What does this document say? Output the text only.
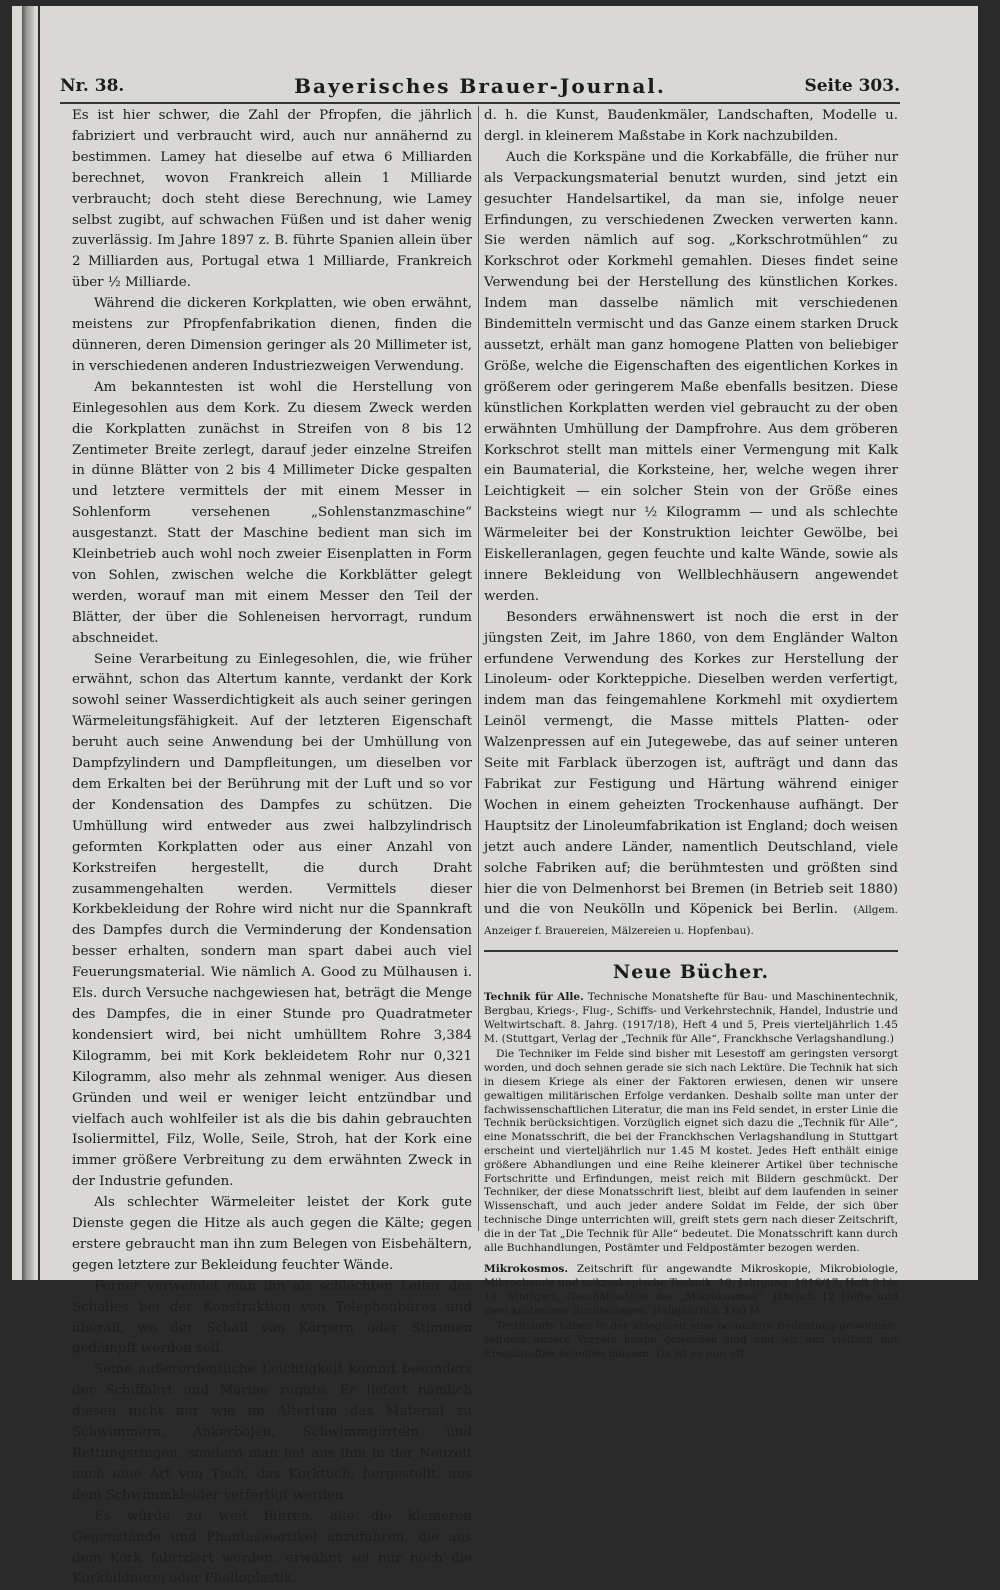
Nr. 38.	Bayerisches Brauer-Journal.	Seite 303.

Es ist hier schwer, die Zahl der Pfropfen, die jährlich fabriziert und verbraucht wird, auch nur annähernd zu bestimmen. Lamey hat dieselbe auf etwa 6 Milliarden berechnet, wovon Frankreich allein 1 Milliarde verbraucht; doch steht diese Berechnung, wie Lamey selbst zugibt, auf schwachen Füßen und ist daher wenig zuverlässig. Im Jahre 1897 z. B. führte Spanien allein über 2 Milliarden aus, Portugal etwa 1 Milliarde, Frankreich über ½ Milliarde.

Während die dickeren Korkplatten, wie oben erwähnt, meistens zur Pfropfenfabrikation dienen, finden die dünneren, deren Dimension geringer als 20 Millimeter ist, in verschiedenen anderen Industriezweigen Verwendung.

Am bekanntesten ist wohl die Herstellung von Einlegesohlen aus dem Kork. Zu diesem Zweck werden die Korkplatten zunächst in Streifen von 8 bis 12 Zentimeter Breite zerlegt, darauf jeder einzelne Streifen in dünne Blätter von 2 bis 4 Millimeter Dicke gespalten und letztere vermittels der mit einem Messer in Sohlenform versehenen „Sohlenstanzmaschine“ ausgestanzt. Statt der Maschine bedient man sich im Kleinbetrieb auch wohl noch zweier Eisenplatten in Form von Sohlen, zwischen welche die Korkblätter gelegt werden, worauf man mit einem Messer den Teil der Blätter, der über die Sohleneisen hervorragt, rundum abschneidet.

Seine Verarbeitung zu Einlegesohlen, die, wie früher erwähnt, schon das Altertum kannte, verdankt der Kork sowohl seiner Wasserdichtigkeit als auch seiner geringen Wärmeleitungsfähigkeit. Auf der letzteren Eigenschaft beruht auch seine Anwendung bei der Umhüllung von Dampfzylindern und Dampfleitungen, um dieselben vor dem Erkalten bei der Berührung mit der Luft und so vor der Kondensation des Dampfes zu schützen. Die Umhüllung wird entweder aus zwei halbzylindrisch geformten Korkplatten oder aus einer Anzahl von Korkstreifen hergestellt, die durch Draht zusammengehalten werden. Vermittels dieser Korkbekleidung der Rohre wird nicht nur die Spannkraft des Dampfes durch die Verminderung der Kondensation besser erhalten, sondern man spart dabei auch viel Feuerungsmaterial. Wie nämlich A. Good zu Mülhausen i. Els. durch Versuche nachgewiesen hat, beträgt die Menge des Dampfes, die in einer Stunde pro Quadratmeter kondensiert wird, bei nicht umhülltem Rohre 3,384 Kilogramm, bei mit Kork bekleidetem Rohr nur 0,321 Kilogramm, also mehr als zehnmal weniger. Aus diesen Gründen und weil er weniger leicht entzündbar und vielfach auch wohlfeiler ist als die bis dahin gebrauchten Isoliermittel, Filz, Wolle, Seile, Stroh, hat der Kork eine immer größere Verbreitung zu dem erwähnten Zweck in der Industrie gefunden.

Als schlechter Wärmeleiter leistet der Kork gute Dienste gegen die Hitze als auch gegen die Kälte; gegen erstere gebraucht man ihn zum Belegen von Eisbehältern, gegen letztere zur Bekleidung feuchter Wände.

Ferner verwendet man ihn als schlechten Leiter des Schalles bei der Konstruktion von Telephonbüros und überall, wo der Schall von Körpern oder Stimmen gedämpft werden soll.

Seine außerordentliche Leichtigkeit kommt besonders der Schiffahrt und Marine zugute. Er liefert nämlich diesen nicht nur wie im Altertum das Material zu Schwimmern, Ankerbojen, Schwimmgürteln und Rettungsringen, sondern man hat aus ihm in der Neuzeit auch eine Art von Tuch, das Korktuch, hergestellt, aus dem Schwimmkleider verfertigt werden.

Es würde zu weit führen, alle die kleineren Gegenstände und Phantasieartikel anzuführen, die aus dem Kork fabriziert werden: erwähnt sei nur noch die Korkbildnerei oder Phelloplastik,

d. h. die Kunst, Baudenkmäler, Landschaften, Modelle u. dergl. in kleinerem Maßstabe in Kork nachzubilden.

Auch die Korkspäne und die Korkabfälle, die früher nur als Verpackungsmaterial benutzt wurden, sind jetzt ein gesuchter Handelsartikel, da man sie, infolge neuer Erfindungen, zu verschiedenen Zwecken verwerten kann. Sie werden nämlich auf sog. „Korkschrotmühlen“ zu Korkschrot oder Korkmehl gemahlen. Dieses findet seine Verwendung bei der Herstellung des künstlichen Korkes. Indem man dasselbe nämlich mit verschiedenen Bindemitteln vermischt und das Ganze einem starken Druck aussetzt, erhält man ganz homogene Platten von beliebiger Größe, welche die Eigenschaften des eigentlichen Korkes in größerem oder geringerem Maße ebenfalls besitzen. Diese künstlichen Korkplatten werden viel gebraucht zu der oben erwähnten Umhüllung der Dampfrohre. Aus dem gröberen Korkschrot stellt man mittels einer Vermengung mit Kalk ein Baumaterial, die Korksteine, her, welche wegen ihrer Leichtigkeit — ein solcher Stein von der Größe eines Backsteins wiegt nur ½ Kilogramm — und als schlechte Wärmeleiter bei der Konstruktion leichter Gewölbe, bei Eiskelleranlagen, gegen feuchte und kalte Wände, sowie als innere Bekleidung von Wellblechhäusern angewendet werden.

Besonders erwähnenswert ist noch die erst in der jüngsten Zeit, im Jahre 1860, von dem Engländer Walton erfundene Verwendung des Korkes zur Herstellung der Linoleum- oder Korkteppiche. Dieselben werden verfertigt, indem man das feingemahlene Korkmehl mit oxydiertem Leinöl vermengt, die Masse mittels Platten- oder Walzenpressen auf ein Jutegewebe, das auf seiner unteren Seite mit Farblack überzogen ist, aufträgt und dann das Fabrikat zur Festigung und Härtung während einiger Wochen in einem geheizten Trockenhause aufhängt. Der Hauptsitz der Linoleumfabrikation ist England; doch weisen jetzt auch andere Länder, namentlich Deutschland, viele solche Fabriken auf; die berühmtesten und größten sind hier die von Delmenhorst bei Bremen (in Betrieb seit 1880) und die von Neukölln und Köpenick bei Berlin. (Allgem. Anzeiger f. Brauereien, Mälzereien u. Hopfenbau).

Neue Bücher.

Technik für Alle. Technische Monatshefte für Bau- und Maschinentechnik, Bergbau, Kriegs-, Flug-, Schiffs- und Verkehrstechnik, Handel, Industrie und Weltwirtschaft. 8. Jahrg. (1917/18), Heft 4 und 5, Preis vierteljährlich 1.45 M. (Stuttgart, Verlag der „Technik für Alle“, Franckhsche Verlagshandlung.)

Die Techniker im Felde sind bisher mit Lesestoff am geringsten versorgt worden, und doch sehnen gerade sie sich nach Lektüre. Die Technik hat sich in diesem Kriege als einer der Faktoren erwiesen, denen wir unsere gewaltigen militärischen Erfolge verdanken. Deshalb sollte man unter der fachwissenschaftlichen Literatur, die man ins Feld sendet, in erster Linie die Technik berücksichtigen. Vorzüglich eignet sich dazu die „Technik für Alle“, eine Monatsschrift, die bei der Franckhschen Verlagshandlung in Stuttgart erscheint und vierteljährlich nur 1.45 M kostet. Jedes Heft enthält einige größere Abhandlungen und eine Reihe kleinerer Artikel über technische Fortschritte und Erfindungen, meist reich mit Bildern geschmückt. Der Techniker, der diese Monatsschrift liest, bleibt auf dem laufenden in seiner Wissenschaft, und auch jeder andere Soldat im Felde, der sich über technische Dinge unterrichten will, greift stets gern nach dieser Zeitschrift, die in der Tat „Die Technik für Alle“ bedeutet. Die Monatsschrift kann durch alle Buchhandlungen, Postämter und Feldpostämter bezogen werden.

Mikrokosmos. Zeitschrift für angewandte Mikroskopie, Mikrobiologie, Mikrochemie und mikroskopische Technik. 10. Jahrgang, 1916/17. Heft 9 bis 11. Stuttgart, Geschäftsstelle des „Mikrokosmos“. Jährlich 12 Hefte und zwei kostenlose Buchbeilagen. Halbjährlich 3.60 M.

Textilstoffe haben in der Kriegszeit eine besondere Bedeutung gewonnen, seitdem unsere Vorräte knapp geworden sind und wir uns vielfach mit Ersatzstoffen behelfen müssen. Da ist es nun oft
